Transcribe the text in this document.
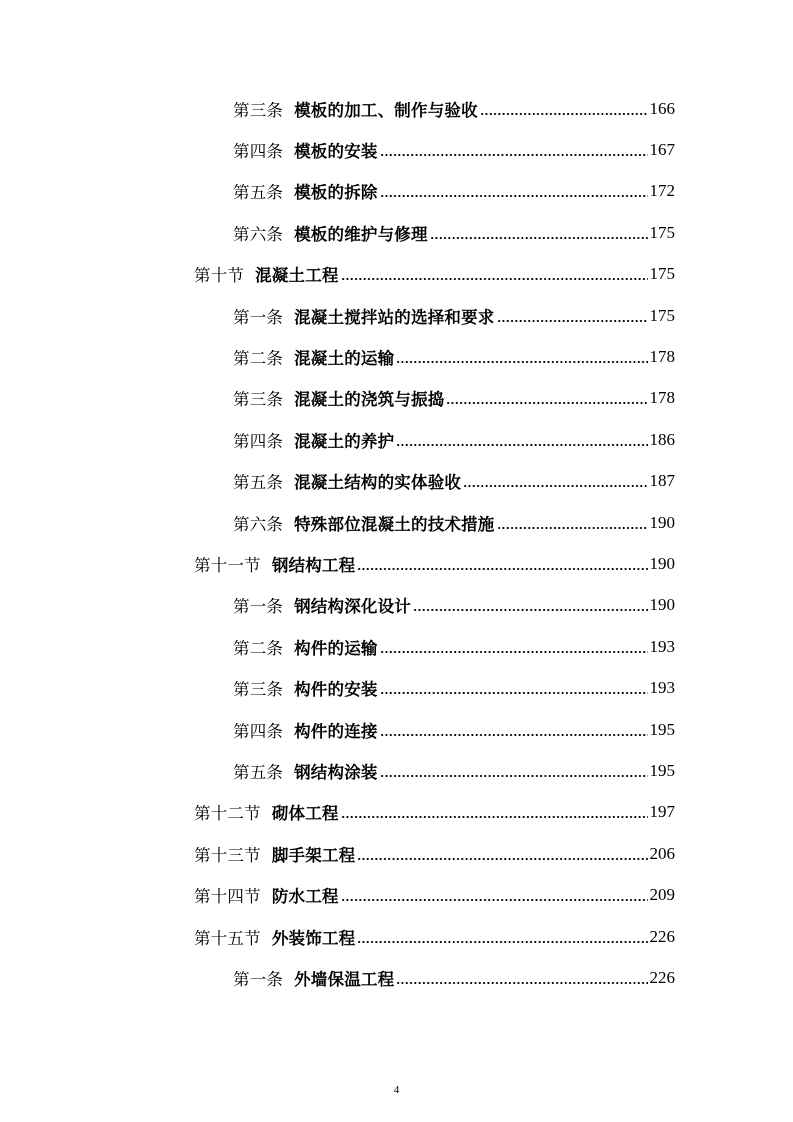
第三条 模板的加工、制作与验收	166
第四条 模板的安装	167
第五条 模板的拆除	172
第六条 模板的维护与修理	175
第十节 混凝土工程	175
第一条 混凝土搅拌站的选择和要求	175
第二条 混凝土的运输	178
第三条 混凝土的浇筑与振捣	178
第四条 混凝土的养护	186
第五条 混凝土结构的实体验收	187
第六条 特殊部位混凝土的技术措施	190
第十一节 钢结构工程	190
第一条 钢结构深化设计	190
第二条 构件的运输	193
第三条 构件的安装	193
第四条 构件的连接	195
第五条 钢结构涂装	195
第十二节 砌体工程	197
第十三节 脚手架工程	206
第十四节 防水工程	209
第十五节 外装饰工程	226
第一条 外墙保温工程	226
4
